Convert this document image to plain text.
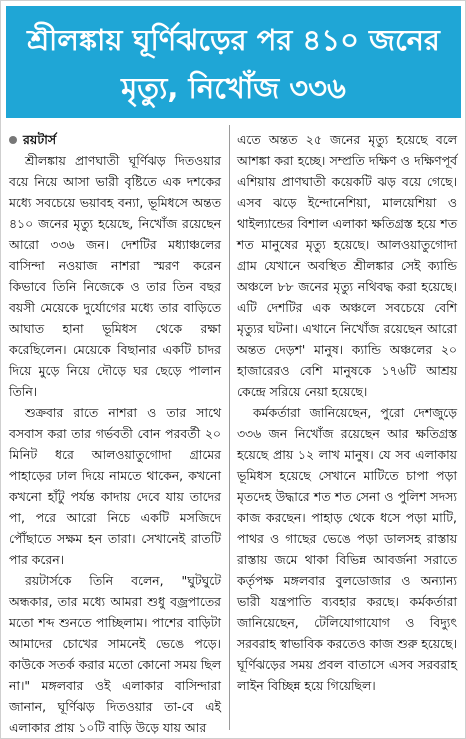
শ্রীলঙ্কায় ঘূর্ণিঝড়ের পর ৪১০ জনের মৃত্যু, নিখোঁজ ৩৩৬
রয়টার্স

শ্রীলঙ্কায় প্রাণঘাতী ঘূর্ণিঝড় দিতওয়ার বয়ে নিয়ে আসা ভারী বৃষ্টিতে এক দশকের মধ্যে সবচেয়ে ভয়াবহ বন্যা, ভূমিধসে অন্তত ৪১০ জনের মৃত্যু হয়েছে, নিখোঁজ রয়েছেন আরো ৩৩৬ জন। দেশটির মধ্যাঞ্চলের বাসিন্দা নওয়াজ নাশরা স্মরণ করেন কিভাবে তিনি নিজেকে ও তার তিন বছর বয়সী মেয়েকে দুর্যোগের মধ্যে তার বাড়িতে আঘাত হানা ভূমিধস থেকে রক্ষা করেছিলেন। মেয়েকে বিছানার একটি চাদর দিয়ে মুড়ে নিয়ে দৌড়ে ঘর ছেড়ে পালান তিনি।

শুক্রবার রাতে নাশরা ও তার সাথে বসবাস করা তার গর্ভবতী বোন পরবর্তী ২০ মিনিট ধরে আলওয়াতুগোদা গ্রামের পাহাড়ের ঢাল দিয়ে নামতে থাকেন, কখনো কখনো হাঁটু পর্যন্ত কাদায় দেবে যায় তাদের পা, পরে আরো নিচে একটি মসজিদে পৌঁছাতে সক্ষম হন তারা। সেখানেই রাতটি পার করেন।

রয়টার্সকে তিনি বলেন, "ঘুটঘুটে অন্ধকার, তার মধ্যে আমরা শুধু বজ্রপাতের মতো শব্দ শুনতে পাচ্ছিলাম। পাশের বাড়িটা আমাদের চোখের সামনেই ভেঙে পড়ে। কাউকে সতর্ক করার মতো কোনো সময় ছিল না।" মঙ্গলবার ওই এলাকার বাসিন্দারা জানান, ঘূর্ণিঝড় দিতওয়ার তা-বে এই এলাকার প্রায় ১০টি বাড়ি উড়ে যায় আর

এতে অন্তত ২৫ জনের মৃত্যু হয়েছে বলে আশঙ্কা করা হচ্ছে। সম্প্রতি দক্ষিণ ও দক্ষিণপূর্ব এশিয়ায় প্রাণঘাতী কয়েকটি ঝড় বয়ে গেছে। এসব ঝড়ে ইন্দোনেশিয়া, মালয়েশিয়া ও থাইল্যান্ডের বিশাল এলাকা ক্ষতিগ্রস্ত হয়ে শত শত মানুষের মৃত্যু হয়েছে। আলওয়াতুগোদা গ্রাম যেখানে অবস্থিত শ্রীলঙ্কার সেই ক্যান্ডি অঞ্চলে ৮৮ জনের মৃত্যু নথিবদ্ধ করা হয়েছে। এটি দেশটির এক অঞ্চলে সবচেয়ে বেশি মৃত্যুর ঘটনা। এখানে নিখোঁজ রয়েছেন আরো অন্তত দেড়শ' মানুষ। ক্যান্ডি অঞ্চলের ২০ হাজারেরও বেশি মানুষকে ১৭৬টি আশ্রয় কেন্দ্রে সরিয়ে নেয়া হয়েছে।

কর্মকর্তারা জানিয়েছেন, পুরো দেশজুড়ে ৩৩৬ জন নিখোঁজ রয়েছেন আর ক্ষতিগ্রস্ত হয়েছে প্রায় ১২ লাখ মানুষ। যে সব এলাকায় ভূমিধস হয়েছে সেখানে মাটিতে চাপা পড়া মৃতদেহ উদ্ধারে শত শত সেনা ও পুলিশ সদস্য কাজ করছেন। পাহাড় থেকে ধসে পড়া মাটি, পাথর ও গাছের ভেঙে পড়া ডালসহ রাস্তায় রাস্তায় জমে থাকা বিভিন্ন আবর্জনা সরাতে কর্তৃপক্ষ মঙ্গলবার বুলডোজার ও অন্যান্য ভারী যন্ত্রপাতি ব্যবহার করছে। কর্মকর্তারা জানিয়েছেন, টেলিযোগাযোগ ও বিদ্যুৎ সরবরাহ স্বাভাবিক করতেও কাজ শুরু হয়েছে। ঘূর্ণিঝড়ের সময় প্রবল বাতাসে এসব সরবরাহ লাইন বিচ্ছিন্ন হয়ে গিয়েছিল।
